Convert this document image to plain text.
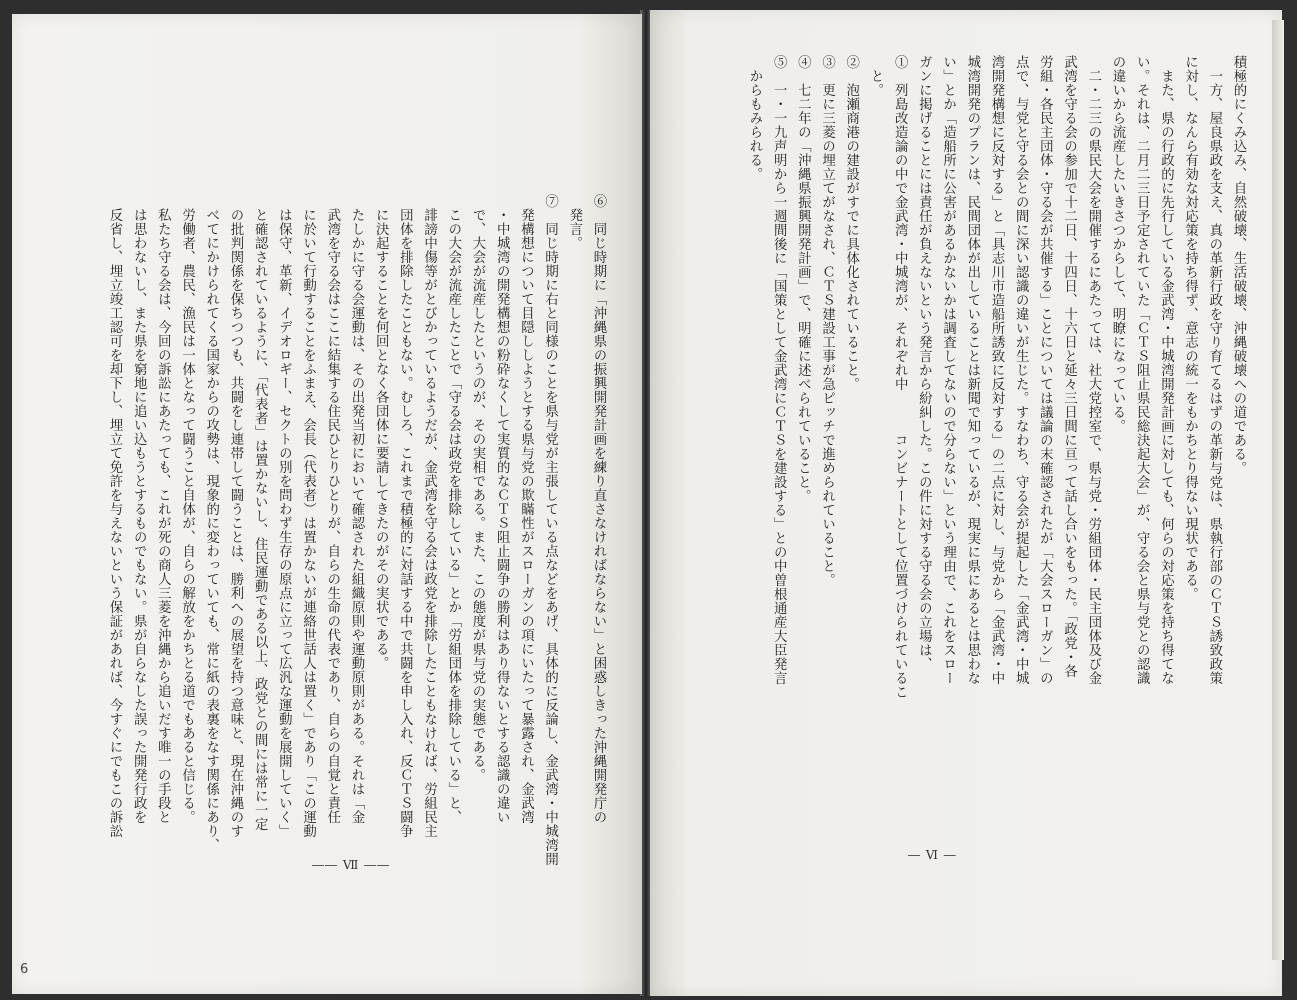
⑥　同じ時期に「沖縄県の振興開発計画を練り直さなければならない」と困惑しきった沖縄開発庁の
　発言。
⑦　同じ時期に右と同様のことを県与党が主張している点などをあげ、具体的に反論し、金武湾・中城湾開
　発構想について目隠ししようとする県与党の欺瞞性がスローガンの項にいたって暴露され、金武湾
　・中城湾の開発構想の粉砕なくして実質的なＣＴＳ阻止闘争の勝利はあり得ないとする認識の違い
　で、大会が流産したというのが、その実相である。また、この態度が県与党の実態である。
　この大会が流産したことで「守る会は政党を排除している」とか「労組団体を排除している」と、
　誹謗中傷等がとびかっているようだが、金武湾を守る会は政党を排除したこともなければ、労組民主
　団体を排除したこともない。むしろ、これまで積極的に対話する中で共闘を申し入れ、反ＣＴＳ闘争
　に決起することを何回となく各団体に要請してきたのがその実状である。
　たしかに守る会運動は、その出発当初において確認された組織原則や運動原則がある。それは「金
　武湾を守る会はここに結集する住民ひとりひとりが、自らの生命の代表であり、自らの自覚と責任
　に於いて行動することをふまえ、会長（代表者）は置かないが連絡世話人は置く」であり「この運動
　は保守、革新、イデオロギー、セクトの別を問わず生存の原点に立って広汎な運動を展開していく」
　と確認されているように、「代表者」は置かないし、住民運動である以上、政党との間には常に一定
　の批判関係を保ちつつも、共闘をし連帯して闘うことは、勝利への展望を持つ意味と、現在沖縄のす
　べてにかけられてくる国家からの攻勢は、現象的に変わっていても、常に紙の表裏をなす関係にあり、
　労働者、農民、漁民は一体となって闘うこと自体が、自らの解放をかちとる道でもあると信じる。
　私たち守る会は、今回の訴訟にあたっても、これが死の商人三菱を沖縄から追いだす唯一の手段と
　は思わないし、また県を窮地に追い込もうとするものでもない。県が自らなした誤った開発行政を
　反省し、埋立竣工認可を却下し、埋立て免許を与えないという保証があれば、今すぐにでもこの訴訟
―― Ⅶ ――
積極的にくみ込み、自然破壊、生活破壊、沖縄破壊への道である。
　一方、屋良県政を支え、真の革新行政を守り育てるはずの革新与党は、県執行部のＣＴＳ誘致政策
に対し、なんら有効な対応策を持ち得ず、意志の統一をもかちとり得ない現状である。
　また、県の行政的に先行している金武湾・中城湾開発計画に対しても、何らの対応策を持ち得てな
い。それは、二月二三日予定されていた「ＣＴＳ阻止県民総決起大会」が、守る会と県与党との認識
の違いから流産したいきさつからして、明瞭になっている。
　二・二三の県民大会を開催するにあたっては、社大党控室で、県与党・労組団体・民主団体及び金
武湾を守る会の参加で十二日、十四日、十六日と延々三日間に亘って話し合いをもった。「政党・各
労組・各民主団体・守る会が共催する」ことについては議論の末確認されたが「大会スローガン」の
点で、与党と守る会との間に深い認識の違いが生じた。すなわち、守る会が提起した「金武湾・中城
湾開発構想に反対する」と「具志川市造船所誘致に反対する」の二点に対し、与党から「金武湾・中
城湾開発のプランは、民間団体が出していることは新聞で知っているが、現実に県にあるとは思わな
い」とか「造船所に公害があるかないかは調査してないので分らない」という理由で、これをスロー
ガンに掲げることには責任が負えないという発言から紛糾した。この件に対する守る会の立場は、
①　列島改造論の中で金武湾・中城湾が、それぞれ中　　　コンビナートとして位置づけられているこ
　と。
②　泡瀬商港の建設がすでに具体化されていること。
③　更に三菱の埋立てがなされ、ＣＴＳ建設工事が急ピッチで進められていること。
④　七二年の「沖縄県振興開発計画」で、明確に述べられていること。
⑤　一・一九声明から一週間後に「国策として金武湾にＣＴＳを建設する」との中曽根通産大臣発言
　からもみられる。
― Ⅵ ―
6
